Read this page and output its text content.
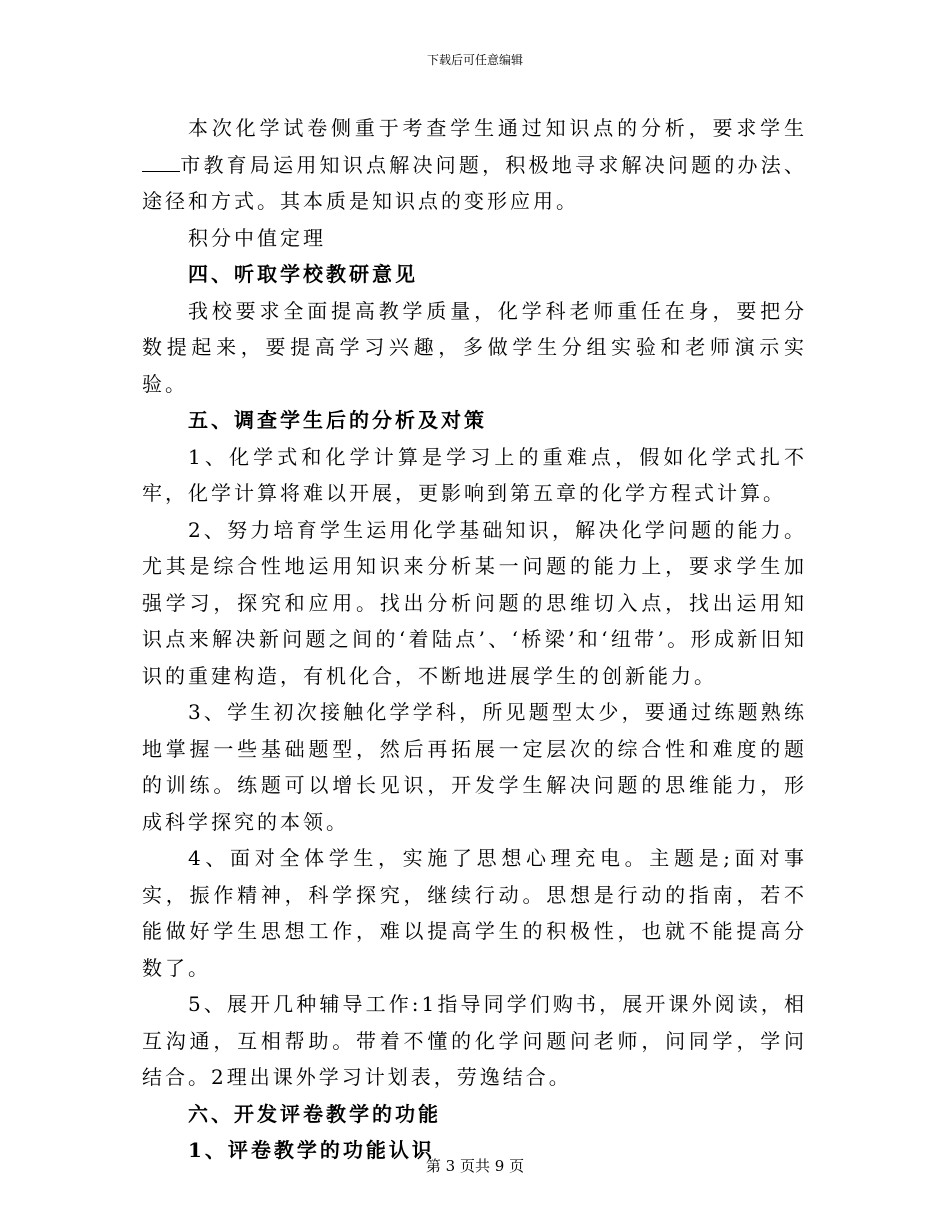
下载后可任意编辑

本次化学试卷侧重于考查学生通过知识点的分析，要求学生市教育局运用知识点解决问题，积极地寻求解决问题的办法、途径和方式。其本质是知识点的变形应用。

积分中值定理

四、听取学校教研意见

我校要求全面提高教学质量，化学科老师重任在身，要把分数提起来，要提高学习兴趣，多做学生分组实验和老师演示实验。

五、调查学生后的分析及对策

1、化学式和化学计算是学习上的重难点，假如化学式扎不牢，化学计算将难以开展，更影响到第五章的化学方程式计算。

2、努力培育学生运用化学基础知识，解决化学问题的能力。尤其是综合性地运用知识来分析某一问题的能力上，要求学生加强学习，探究和应用。找出分析问题的思维切入点，找出运用知识点来解决新问题之间的‘着陆点’、‘桥梁’和‘纽带’。形成新旧知识的重建构造，有机化合，不断地进展学生的创新能力。

3、学生初次接触化学学科，所见题型太少，要通过练题熟练地掌握一些基础题型，然后再拓展一定层次的综合性和难度的题的训练。练题可以增长见识，开发学生解决问题的思维能力，形成科学探究的本领。

4、面对全体学生，实施了思想心理充电。主题是;面对事实，振作精神，科学探究，继续行动。思想是行动的指南，若不能做好学生思想工作，难以提高学生的积极性，也就不能提高分数了。

5、展开几种辅导工作:1指导同学们购书，展开课外阅读，相互沟通，互相帮助。带着不懂的化学问题问老师，问同学，学问结合。2理出课外学习计划表，劳逸结合。

六、开发评卷教学的功能

1、评卷教学的功能认识

第 3 页共 9 页
